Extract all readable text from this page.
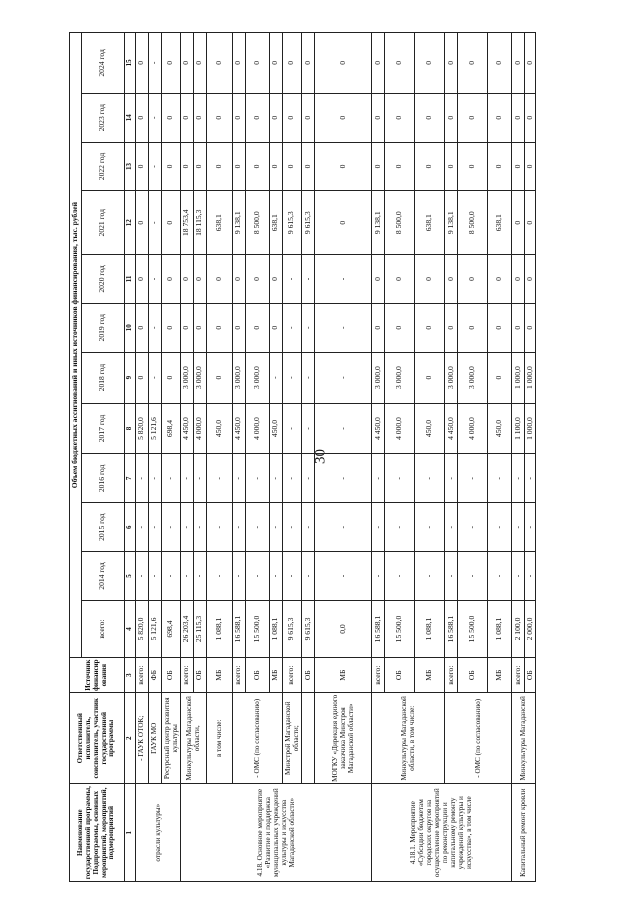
30
Наименование государственной программы, Подпрограммы, основных мероприятий, мероприятий, подмероприятий	Ответственный исполнитель, соисполнитель, участник государственной программы	Источник финансирования	Объем бюджетных ассигнований и иных источников финансирования, тыс. рублей											
			всего:	2014 год	2015 год	2016 год	2017 год	2018 год	2019 год	2020 год	2021 год	2022 год	2023 год	2024 год
1	2	3	4	5	6	7	8	9	10	11	12	13	14	15
отрасли культуры»	- ГАУК ОТОК;	всего:	5 820,0	-	-	-	5 820,0	0	0	0	0	0	0	0
	ГАУК МО	ФБ	5 121,6	-	-	-	5 121,6	-	-	-	-	-	-	-
	Ресурсный центр развития культуры	ОБ	698,4	-	-	-	698,4	0	0	0	0	0	0	0
4.18. Основное мероприятие «Развитие и поддержка муниципальных учреждений культуры и искусства Магаданской области»	Минкультуры Магаданской области,	всего:	26 203,4	-	-	-	4 450,0	3 000,0	0	0	18 753,4	0	0	0
		ОБ	25 115,3	-	-	-	4 000,0	3 000,0	0	0	18 115,3	0	0	0
	в том числе:	МБ	1 088,1	-	-	-	450,0	0	0	0	638,1	0	0	0
	- ОМС (по согласованию)	всего:	16 588,1	-	-	-	4 450,0	3 000,0	0	0	9 138,1	0	0	0
		ОБ	15 500,0	-	-	-	4 000,0	3 000,0	0	0	8 500,0	0	0	0
		МБ	1 088,1	-	-	-	450,0	-	0	0	638,1	0	0	0
	Минстрой Магаданской области;	всего:	9 615,3	-	-	-	-	-	-	-	9 615,3	0	0	0
		ОБ	9 615,3	-	-	-	-	-	-	-	9 615,3	0	0	0
	МОГКУ «Дирекция единого заказчика Минстроя Магаданской области»	МБ	0,0	-	-	-	-	-	-	-	0	0	0	0
4.18.1. Мероприятие «Субсидии бюджетам городских округов на осуществление мероприятий по реконструкции и капитальному ремонту учреждений культуры и искусства», в том числе	Минкультуры Магаданской области, в том числе:	всего:	16 588,1	-	-	-	4 450,0	3 000,0	0	0	9 138,1	0	0	0
		ОБ	15 500,0	-	-	-	4 000,0	3 000,0	0	0	8 500,0	0	0	0
		МБ	1 088,1	-	-	-	450,0	0	0	0	638,1	0	0	0
	- ОМС (по согласованию)	всего:	16 588,1	-	-	-	4 450,0	3 000,0	0	0	9 138,1	0	0	0
		ОБ	15 500,0	-	-	-	4 000,0	3 000,0	0	0	8 500,0	0	0	0
		МБ	1 088,1	-	-	-	450,0	0	0	0	638,1	0	0	0
Капитальный ремонт кровли	Минкультуры Магаданской	всего:	2 100,0	-	-	-	1 100,0	1 000,0	0	0	0	0	0	0
		ОБ	2 000,0	-	-	-	1 000,0	1 000,0	0	0	0	0	0	0
